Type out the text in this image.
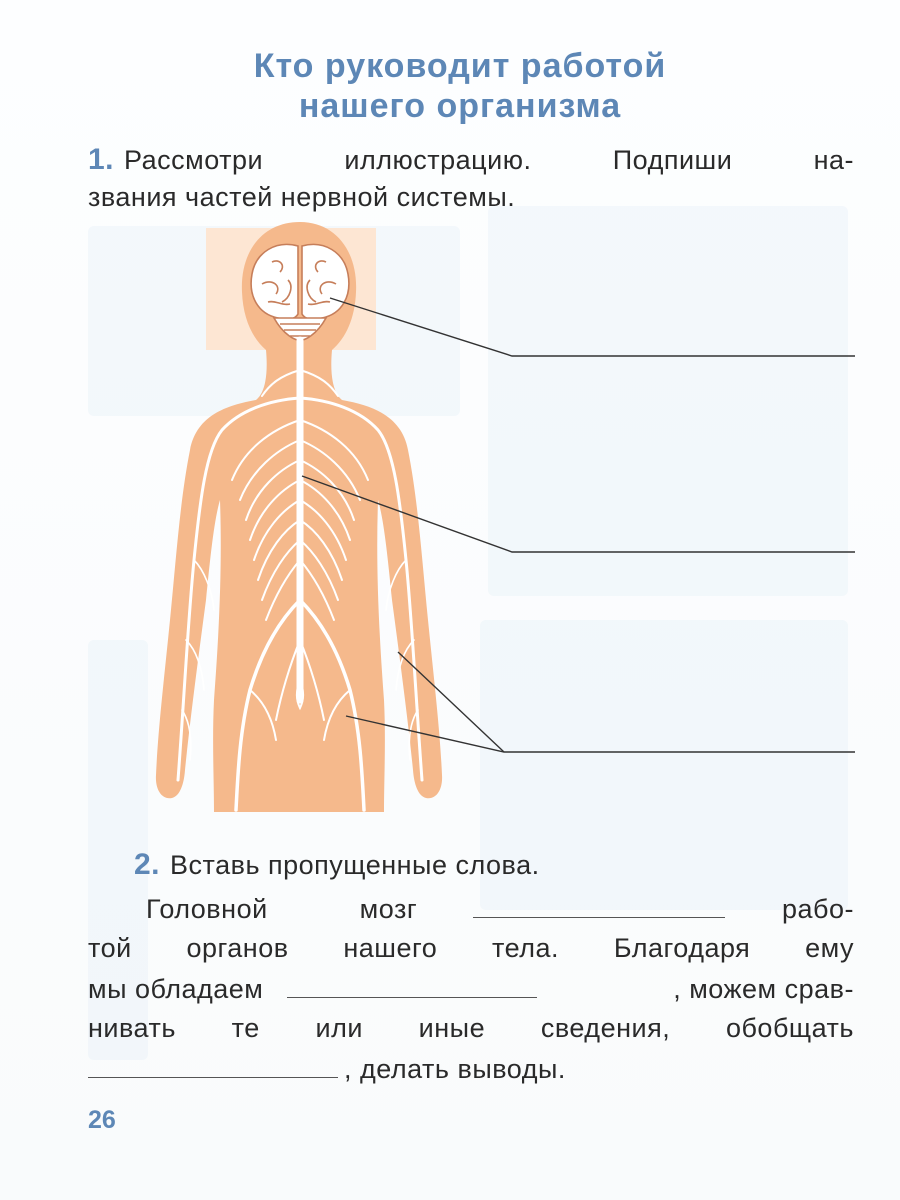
Кто руководит работой
нашего организма
1. Рассмотри иллюстрацию. Подпиши на-
звания частей нервной системы.
2. Вставь пропущенные слова.
Головной	мозг	рабо-
той органов нашего тела. Благодаря ему
мы обладаем	, можем срав-
нивать те или иные сведения, обобщать
, делать выводы.
26
